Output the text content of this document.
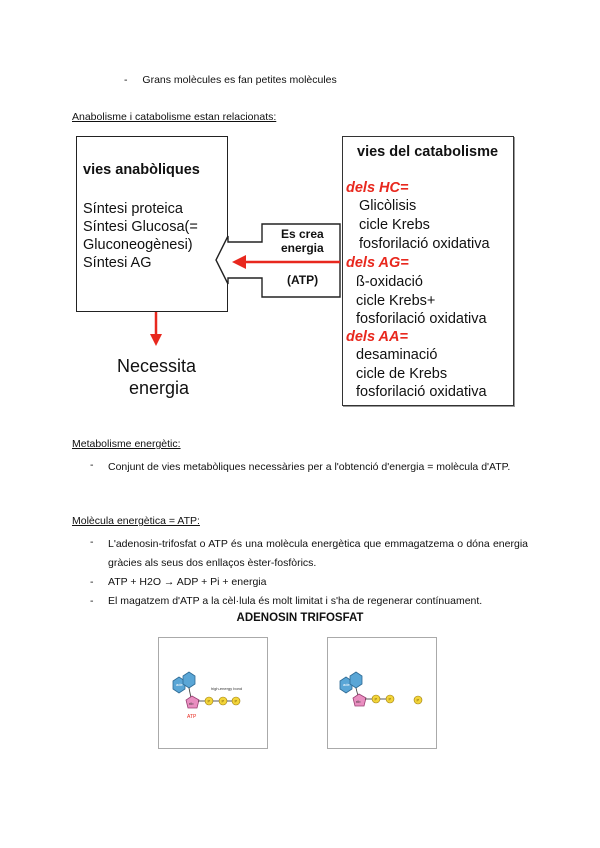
- Grans molècules es fan petites molècules
Anabolisme i catabolisme estan relacionats:
vies anabòliques
Síntesi proteica
Síntesi Glucosa(=
Gluconeogènesi)
Síntesi AG
Es crea
energia
(ATP)
Necessita
energia
vies del catabolisme
dels HC=
Glicòlisis
cicle Krebs
fosforilació oxidativa
dels AG=
ß-oxidació
cicle Krebs+
fosforilació oxidativa
dels AA=
desaminació
cicle de Krebs
fosforilació oxidativa
Metabolisme energètic:
- Conjunt de vies metabòliques necessàries per a l'obtenció d'energia = molècula d'ATP.
Molècula energètica = ATP:
- L'adenosin-trifosfat o ATP és una molècula energètica que emmagatzema o dóna energia gràcies als seus dos enllaços èster-fosfòrics.
- ATP + H2O → ADP + Pi + energia
- El magatzem d'ATP a la cèl·lula és molt limitat i s'ha de regenerar contínuament.
ADENOSIN TRIFOSFAT
ade
rib	P	P	P
high-energy bond
ATP
ade
rib	P	P	P
